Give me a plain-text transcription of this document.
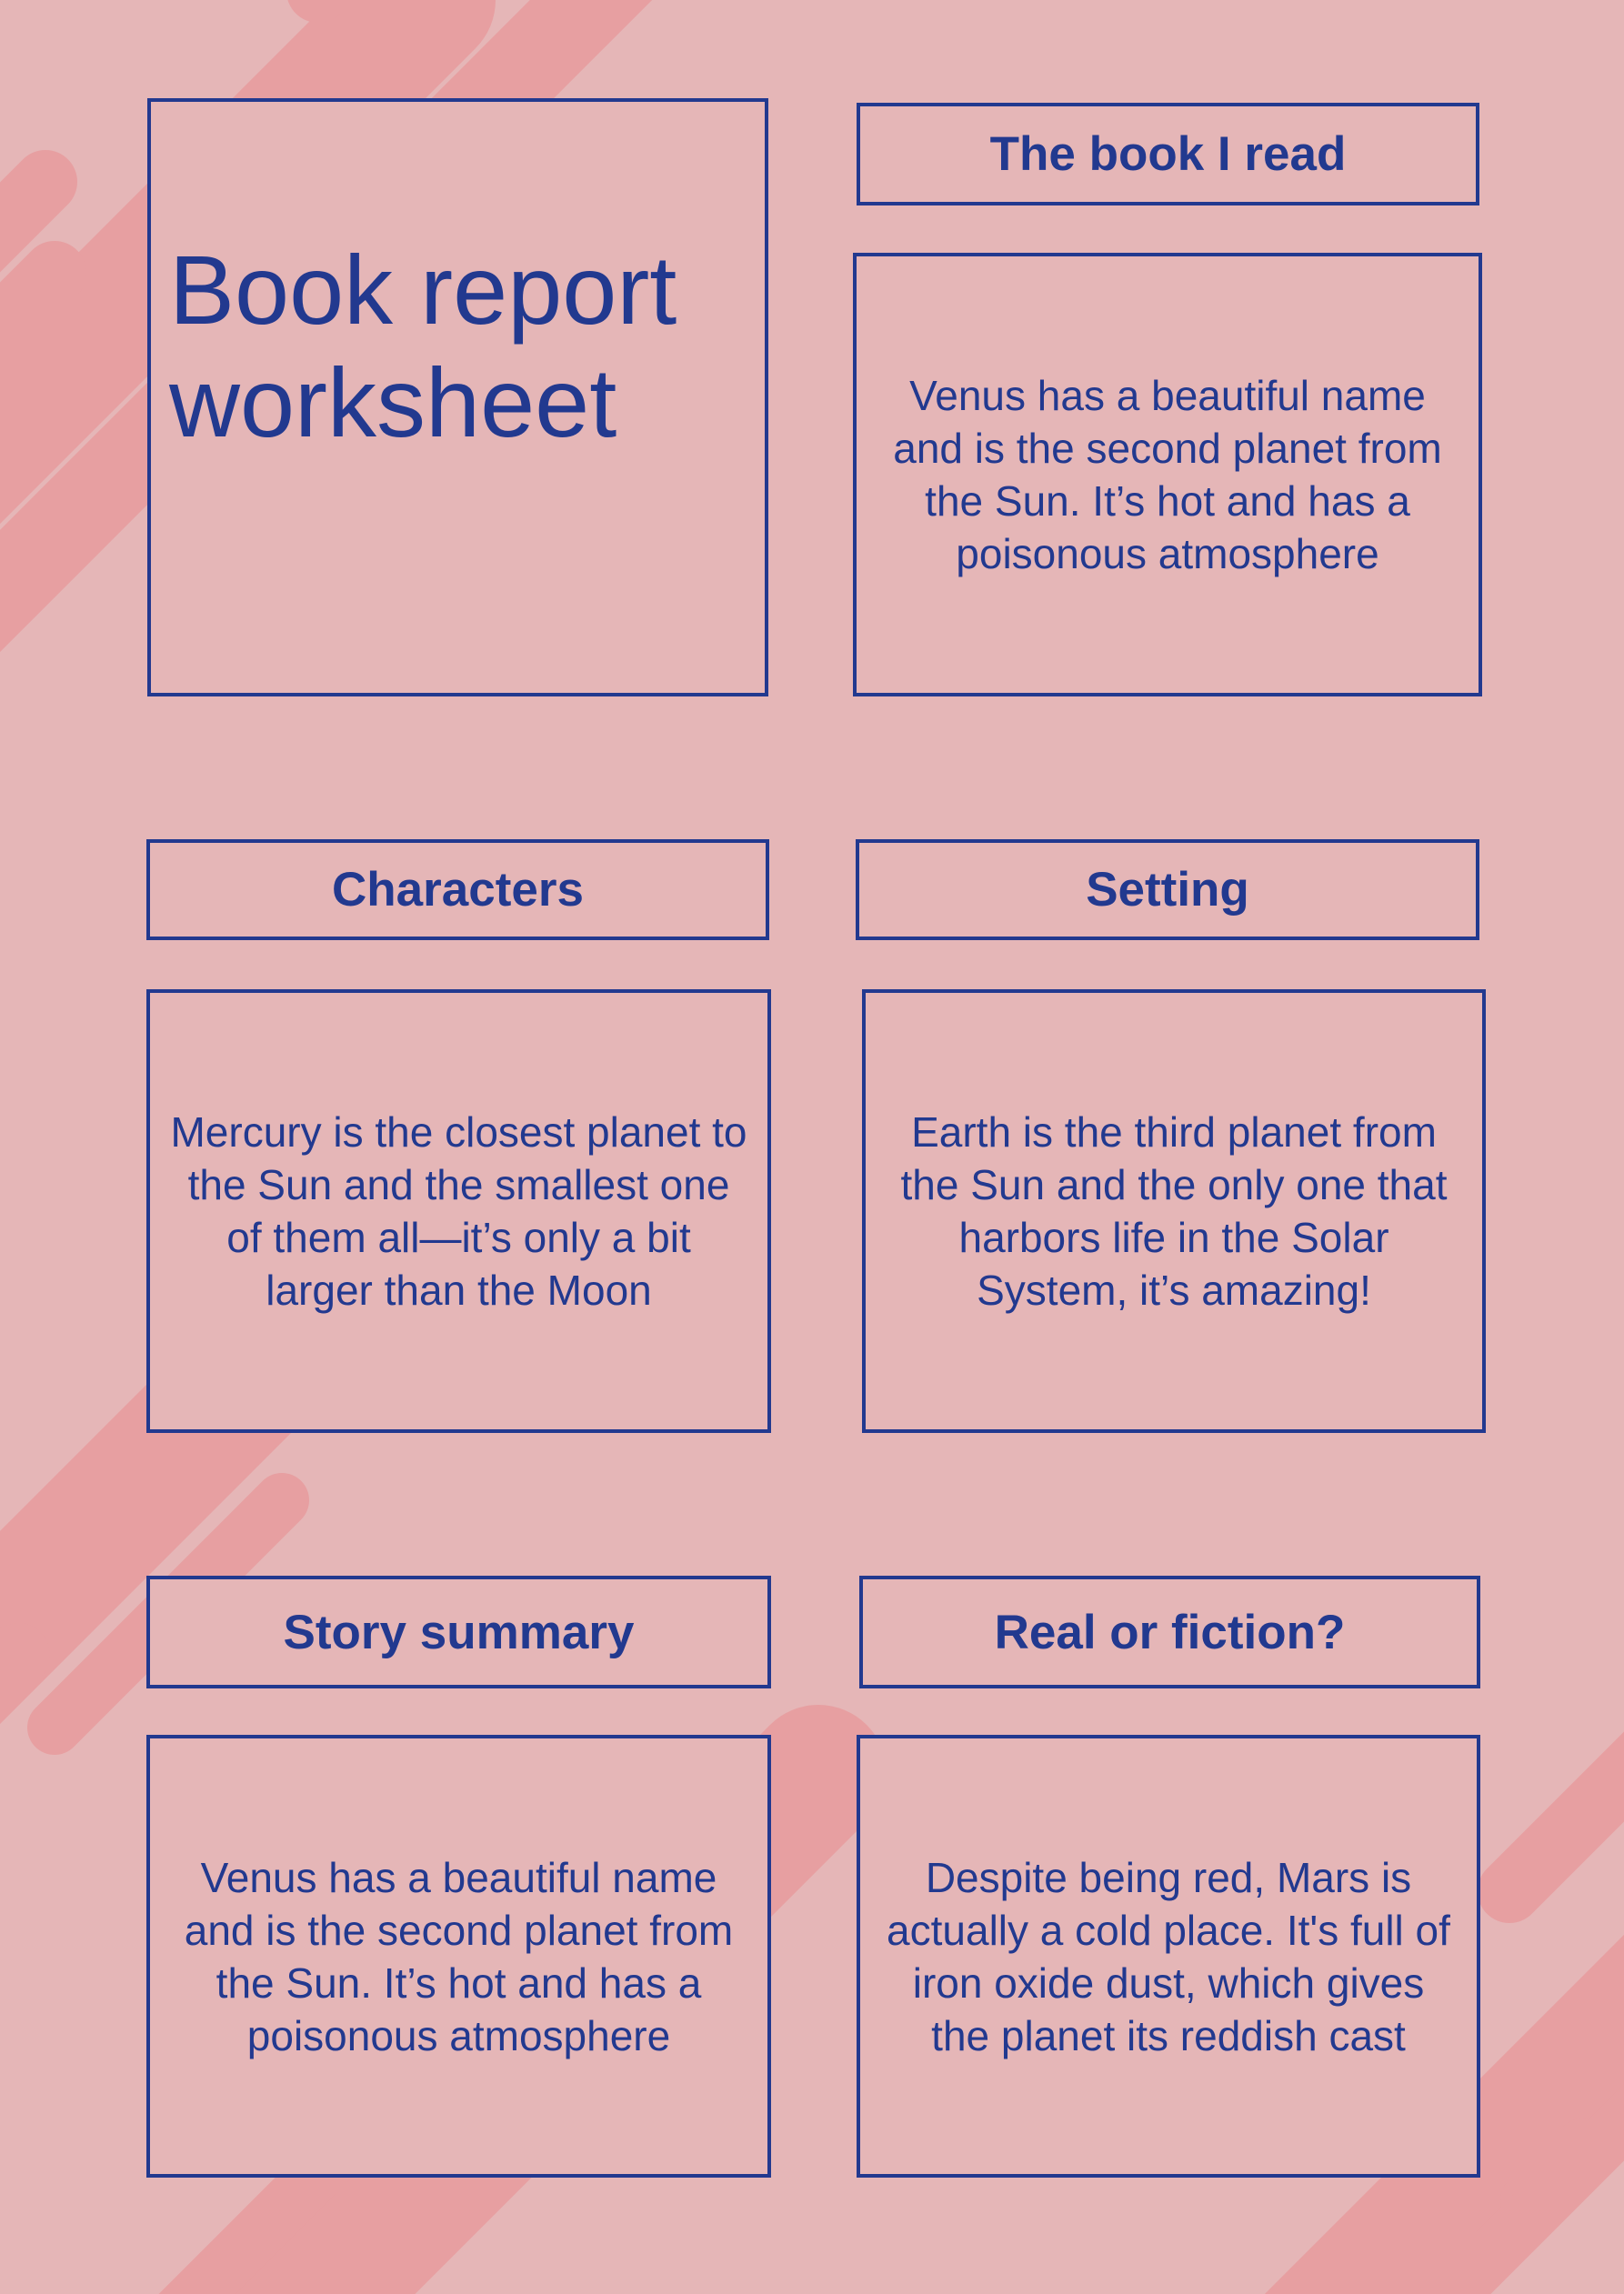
Book report
worksheet
The book I read
Venus has a beautiful name and is the second planet from the Sun. It’s hot and has a poisonous atmosphere
Characters
Mercury is the closest planet to the Sun and the smallest one of them all—it’s only a bit larger than the Moon
Setting
Earth is the third planet from the Sun and the only one that harbors life in the Solar System, it’s amazing!
Story summary
Venus has a beautiful name and is the second planet from the Sun. It’s hot and has a poisonous atmosphere
Real or fiction?
Despite being red, Mars is actually a cold place. It's full of iron oxide dust, which gives the planet its reddish cast
